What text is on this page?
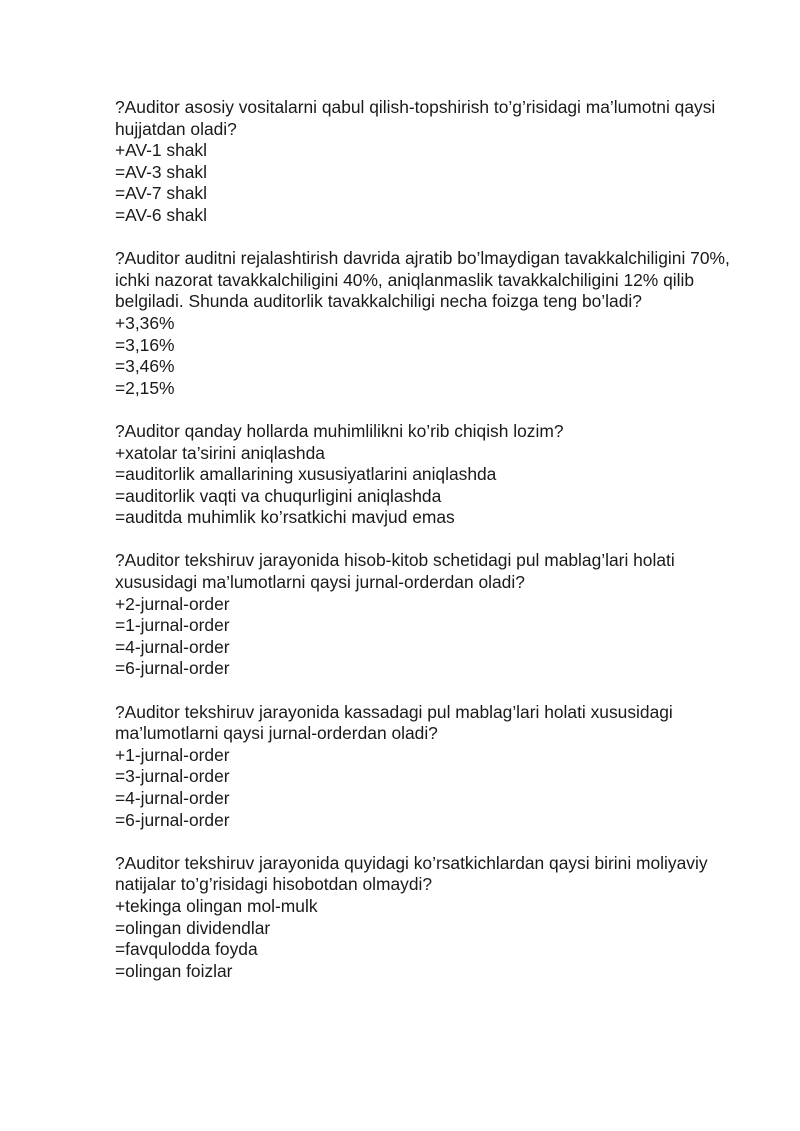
?Auditor asosiy vositalarni qabul qilish-topshirish to’g’risidagi ma’lumotni qaysi hujjatdan oladi?

+AV-1 shakl
=AV-3 shakl
=AV-7 shakl
=AV-6 shakl

?Auditor auditni rejalashtirish davrida ajratib bo’lmaydigan tavakkalchiligini 70%, ichki nazorat tavakkalchiligini 40%, aniqlanmaslik tavakkalchiligini 12% qilib belgiladi. Shunda auditorlik tavakkalchiligi necha foizga teng bo’ladi?

+3,36%
=3,16%
=3,46%
=2,15%

?Auditor qanday hollarda muhimlilikni ko’rib chiqish lozim?

+xatolar ta’sirini aniqlashda
=auditorlik amallarining xususiyatlarini aniqlashda
=auditorlik vaqti va chuqurligini aniqlashda
=auditda muhimlik ko’rsatkichi mavjud emas

?Auditor tekshiruv jarayonida hisob-kitob schetidagi pul mablag’lari holati xususidagi ma’lumotlarni qaysi jurnal-orderdan oladi?

+2-jurnal-order
=1-jurnal-order
=4-jurnal-order
=6-jurnal-order

?Auditor tekshiruv jarayonida kassadagi pul mablag’lari holati xususidagi ma’lumotlarni qaysi jurnal-orderdan oladi?

+1-jurnal-order
=3-jurnal-order
=4-jurnal-order
=6-jurnal-order

?Auditor tekshiruv jarayonida quyidagi ko’rsatkichlardan qaysi birini moliyaviy natijalar to’g’risidagi hisobotdan olmaydi?

+tekinga olingan mol-mulk
=olingan dividendlar
=favqulodda foyda
=olingan foizlar
